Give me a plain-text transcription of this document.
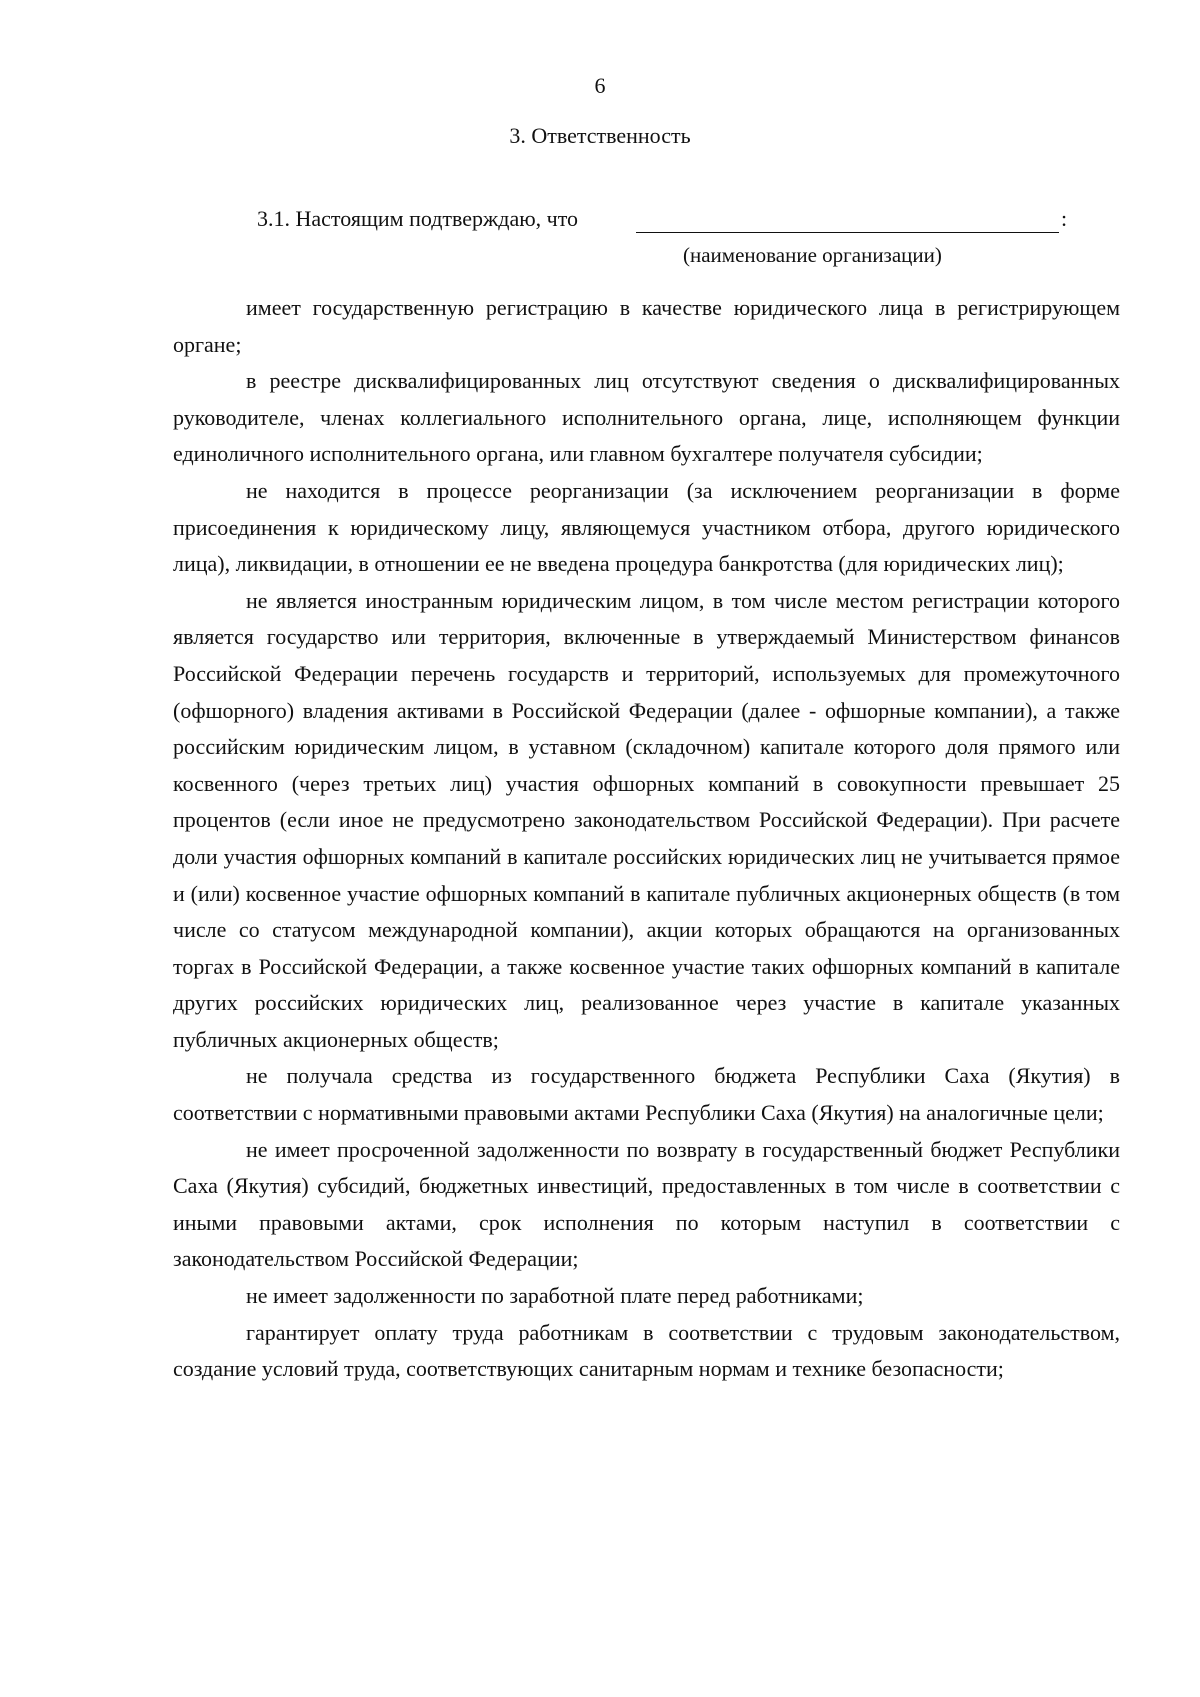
6
3. Ответственность
3.1. Настоящим подтверждаю, что	:
(наименование организации)

имеет государственную регистрацию в качестве юридического лица в регистрирующем органе;

в реестре дисквалифицированных лиц отсутствуют сведения о дисквалифицированных руководителе, членах коллегиального исполнительного органа, лице, исполняющем функции единоличного исполнительного органа, или главном бухгалтере получателя субсидии;

не находится в процессе реорганизации (за исключением реорганизации в форме присоединения к юридическому лицу, являющемуся участником отбора, другого юридического лица), ликвидации, в отношении ее не введена процедура банкротства (для юридических лиц);

не является иностранным юридическим лицом, в том числе местом регистрации которого является государство или территория, включенные в утверждаемый Министерством финансов Российской Федерации перечень государств и территорий, используемых для промежуточного (офшорного) владения активами в Российской Федерации (далее - офшорные компании), а также российским юридическим лицом, в уставном (складочном) капитале которого доля прямого или косвенного (через третьих лиц) участия офшорных компаний в совокупности превышает 25 процентов (если иное не предусмотрено законодательством Российской Федерации). При расчете доли участия офшорных компаний в капитале российских юридических лиц не учитывается прямое и (или) косвенное участие офшорных компаний в капитале публичных акционерных обществ (в том числе со статусом международной компании), акции которых обращаются на организованных торгах в Российской Федерации, а также косвенное участие таких офшорных компаний в капитале других российских юридических лиц, реализованное через участие в капитале указанных публичных акционерных обществ;

не получала средства из государственного бюджета Республики Саха (Якутия) в соответствии с нормативными правовыми актами Республики Саха (Якутия) на аналогичные цели;

не имеет просроченной задолженности по возврату в государственный бюджет Республики Саха (Якутия) субсидий, бюджетных инвестиций, предоставленных в том числе в соответствии с иными правовыми актами, срок исполнения по которым наступил в соответствии с законодательством Российской Федерации;

не имеет задолженности по заработной плате перед работниками;

гарантирует оплату труда работникам в соответствии с трудовым законодательством, создание условий труда, соответствующих санитарным нормам и технике безопасности;
